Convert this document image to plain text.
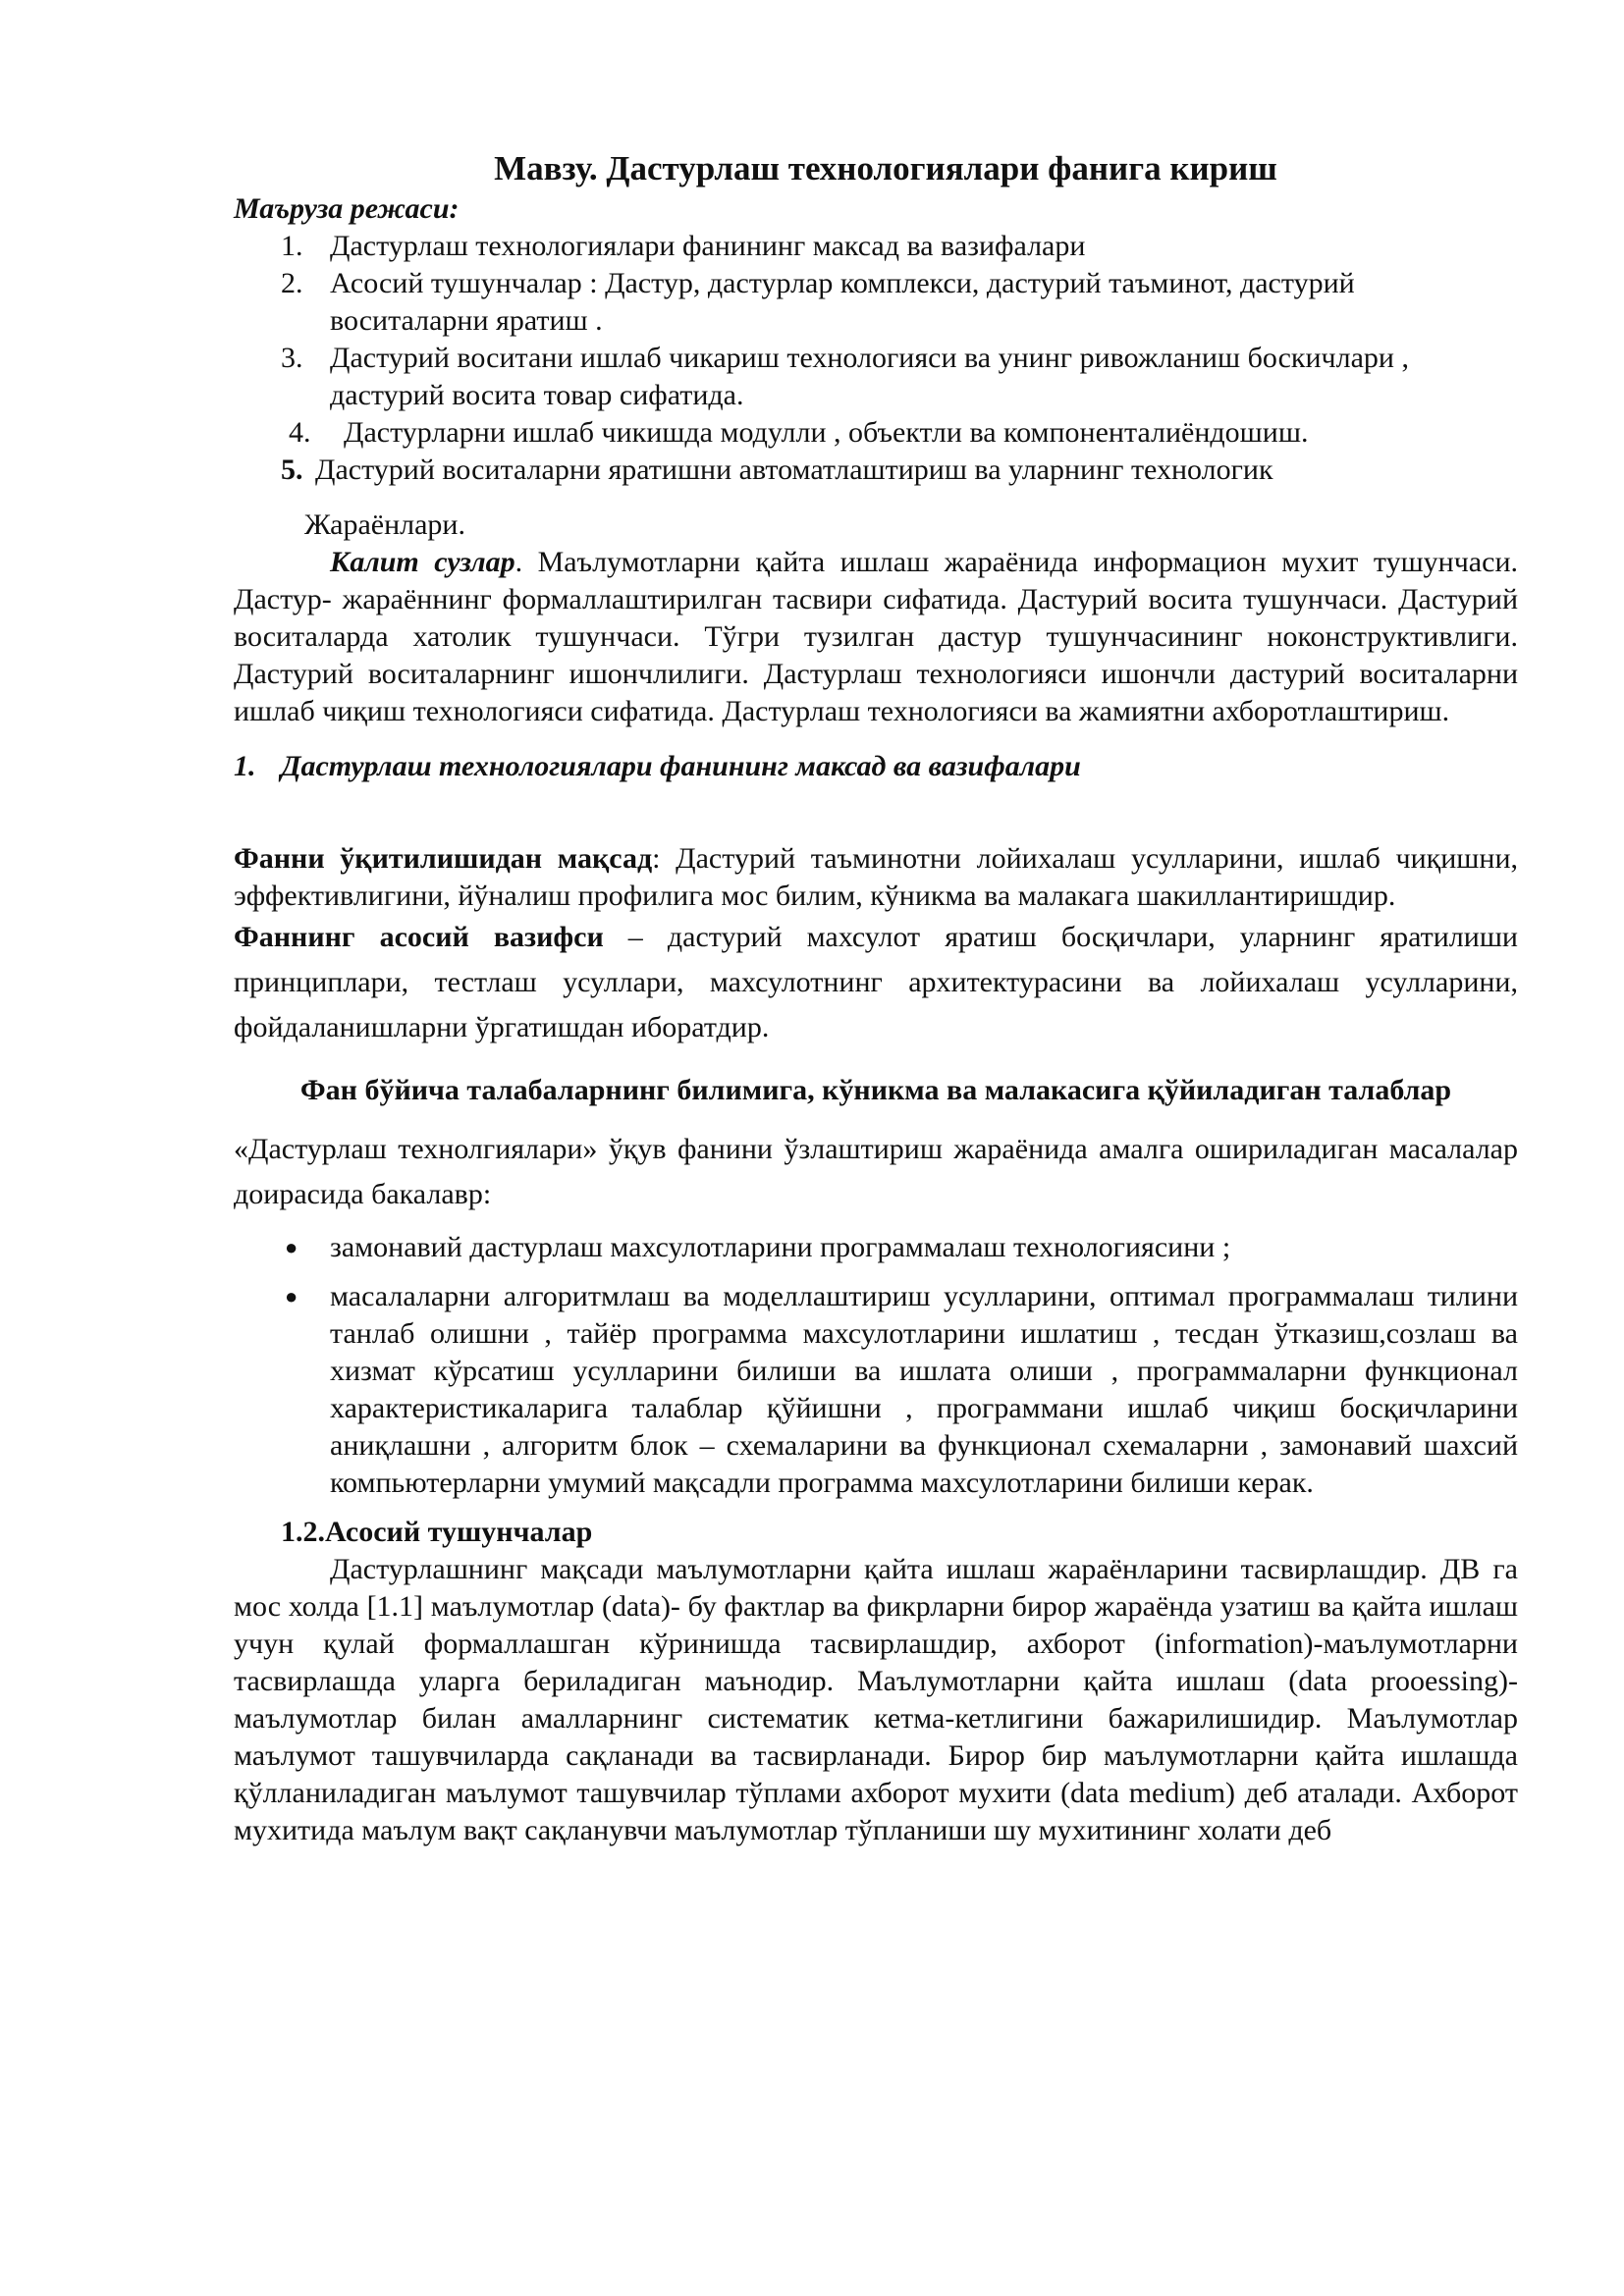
Мавзу. Дастурлаш технологиялари фанига кириш
Маъруза режаси:
1. Дастурлаш технологиялари фанининг максад ва вазифалари
2. Асосий тушунчалар : Дастур, дастурлар комплекси, дастурий таъминот, дастурий воситаларни яратиш .
3. Дастурий воситани ишлаб чикариш технологияси ва унинг ривожланиш боскичлари ,
дастурий восита товар сифатида.
4. Дастурларни ишлаб чикишда модулли , объектли ва компоненталиёндошиш.
5. Дастурий воситаларни яратишни автоматлаштириш ва уларнинг технологик
Жараёнлари.

Калит сузлар. Маълумотларни қайта ишлаш жараёнида информацион мухит тушунчаси. Дастур- жараённинг формаллаштирилган тасвири сифатида. Дастурий восита тушунчаси. Дастурий воситаларда хатолик тушунчаси. Тўгри тузилган дастур тушунчасининг ноконструктивлиги. Дастурий воситаларнинг ишончлилиги. Дастурлаш технологияси ишончли дастурий воситаларни ишлаб чиқиш технологияси сифатида. Дастурлаш технологияси ва жамиятни ахборотлаштириш.

1. Дастурлаш технологиялари фанининг максад ва вазифалари

Фанни ўқитилишидан мақсад: Дастурий таъминотни лойихалаш усулларини, ишлаб чиқишни, эффективлигини, йўналиш профилига мос билим, кўникма ва малакага шакиллантиришдир.

Фаннинг асосий вазифси – дастурий махсулот яратиш босқичлари, уларнинг яратилиши принциплари, тестлаш усуллари, махсулотнинг архитектурасини ва лойихалаш усулларини, фойдаланишларни ўргатишдан иборатдир.

Фан бўйича талабаларнинг билимига, кўникма ва малакасига қўйиладиган талаблар

«Дастурлаш технолгиялари» ўқув фанини ўзлаштириш жараёнида амалга ошириладиган масалалар доирасида бакалавр:

● замонавий дастурлаш махсулотларини программалаш технологиясини ;
● масалаларни алгоритмлаш ва моделлаштириш усулларини, оптимал программалаш тилини танлаб олишни , тайёр программа махсулотларини ишлатиш , тесдан ўтказиш,созлаш ва хизмат кўрсатиш усулларини билиши ва ишлата олиши , программаларни функционал характеристикаларига талаблар қўйишни , программани ишлаб чиқиш босқичларини аниқлашни , алгоритм блок – схемаларини ва функционал схемаларни , замонавий шахсий компьютерларни умумий мақсадли программа махсулотларини билиши керак.
1.2.Асосий тушунчалар

Дастурлашнинг мақсади маълумотларни қайта ишлаш жараёнларини тасвирлашдир. ДВ га мос холда [1.1] маълумотлар (data)- бу фактлар ва фикрларни бирор жараёнда узатиш ва қайта ишлаш учун қулай формаллашган кўринишда тасвирлашдир, ахборот (information)-маълумотларни тасвирлашда уларга бериладиган маънодир. Маълумотларни қайта ишлаш (data prooessing)- маълумотлар билан амалларнинг систематик кетма-кетлигини бажарилишидир. Маълумотлар маълумот ташувчиларда сақланади ва тасвирланади. Бирор бир маълумотларни қайта ишлашда қўлланиладиган маълумот ташувчилар тўплами ахборот мухити (data medium) деб аталади. Ахборот мухитида маълум вақт сақланувчи маълумотлар тўпланиши шу мухитининг холати деб
